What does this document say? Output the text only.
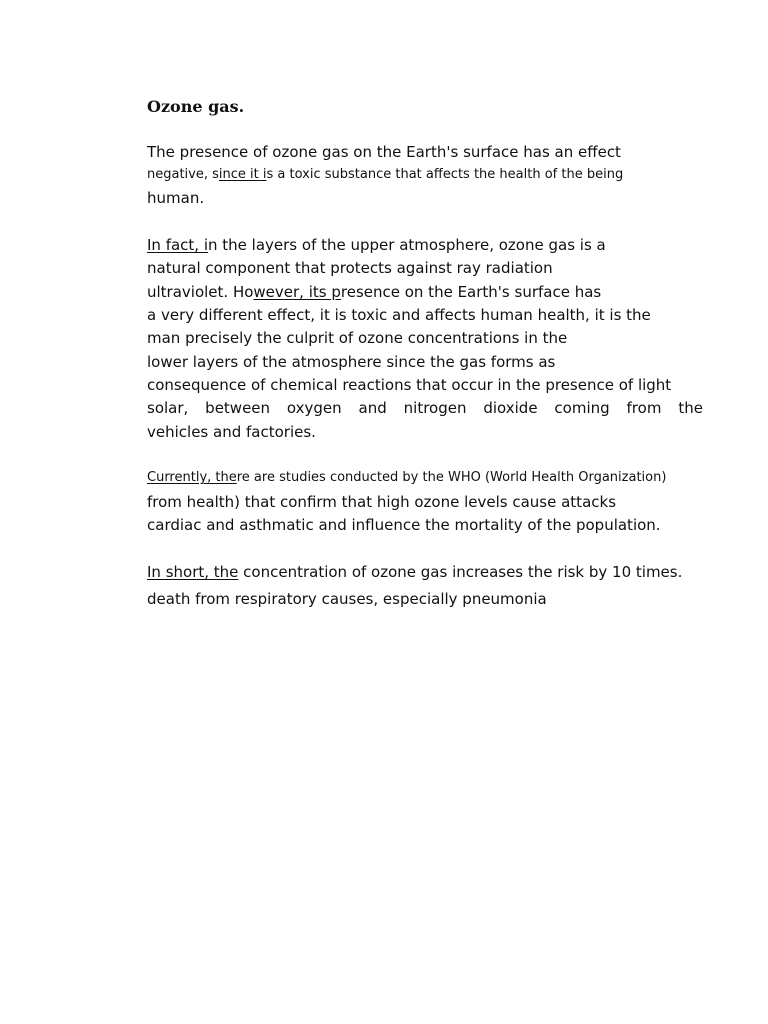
Ozone gas.
The presence of ozone gas on the Earth's surface has an effect
negative, since it is a toxic substance that affects the health of the being
human.
In fact, in the layers of the upper atmosphere, ozone gas is a
natural component that protects against ray radiation
ultraviolet. However, its presence on the Earth's surface has
a very different effect, it is toxic and affects human health, it is the
man precisely the culprit of ozone concentrations in the
lower layers of the atmosphere since the gas forms as
consequence of chemical reactions that occur in the presence of light
solar, between oxygen and nitrogen dioxide coming from the
vehicles and factories.
Currently, there are studies conducted by the WHO (World Health Organization)
from health) that confirm that high ozone levels cause attacks
cardiac and asthmatic and influence the mortality of the population.
In short, the concentration of ozone gas increases the risk by 10 times.
death from respiratory causes, especially pneumonia
